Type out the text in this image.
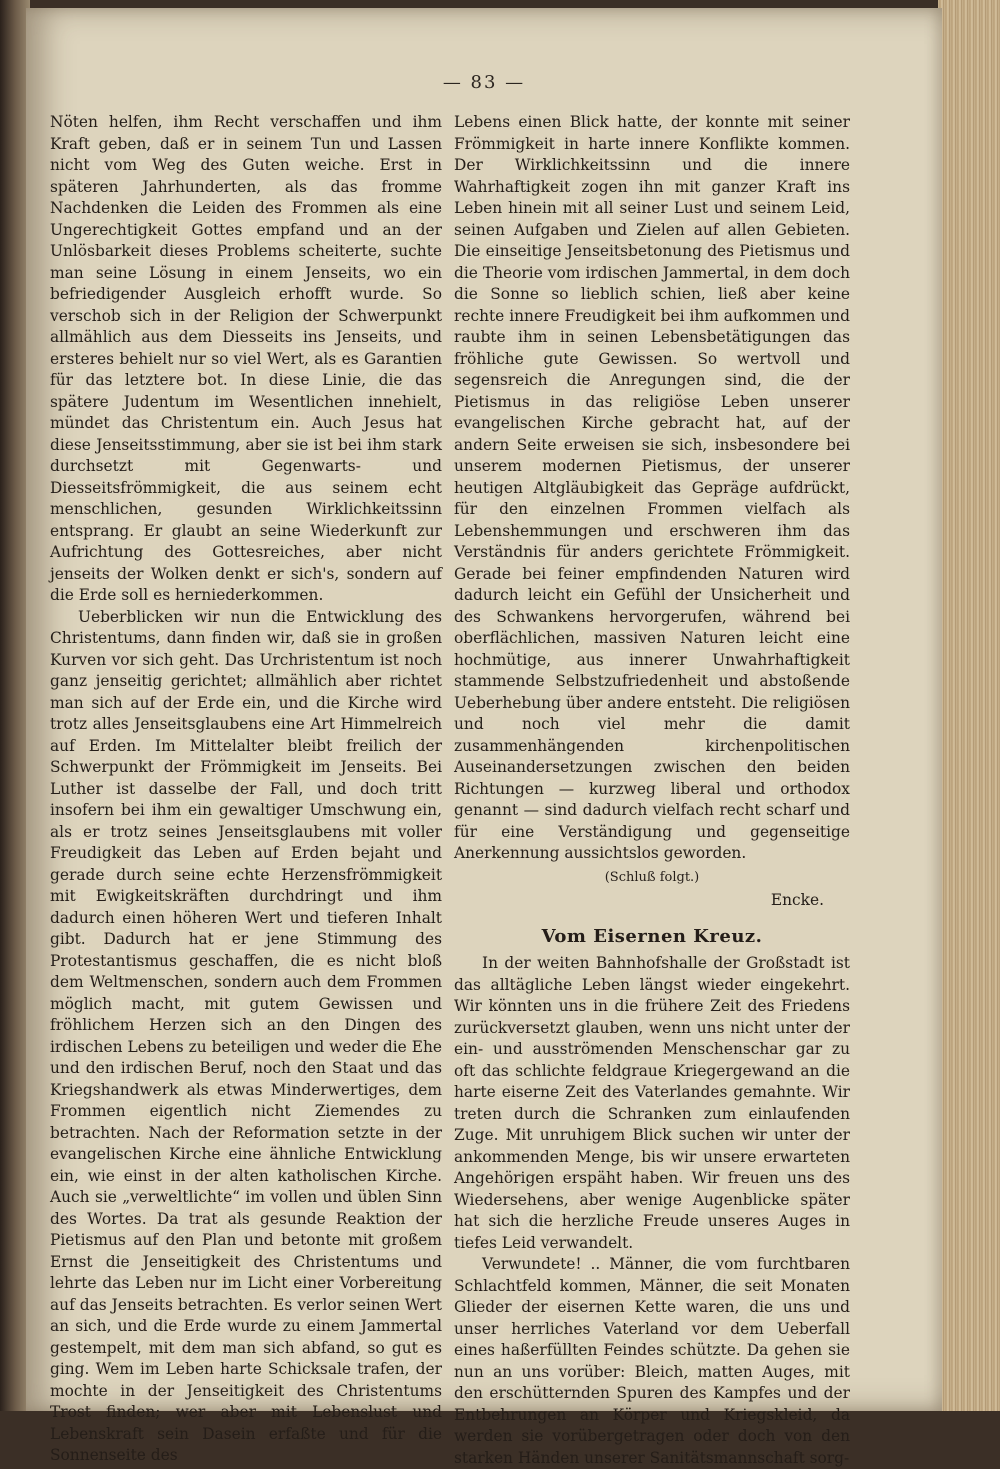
— 83 —

Nöten helfen, ihm Recht verschaffen und ihm Kraft geben, daß er in seinem Tun und Lassen nicht vom Weg des Guten weiche. Erst in späteren Jahrhunderten, als das fromme Nachdenken die Leiden des Frommen als eine Ungerechtigkeit Gottes empfand und an der Unlösbarkeit dieses Problems scheiterte, suchte man seine Lösung in einem Jenseits, wo ein befriedigender Ausgleich erhofft wurde. So verschob sich in der Religion der Schwerpunkt allmählich aus dem Diesseits ins Jenseits, und ersteres behielt nur so viel Wert, als es Garantien für das letztere bot. In diese Linie, die das spätere Judentum im Wesentlichen innehielt, mündet das Christentum ein. Auch Jesus hat diese Jenseitsstimmung, aber sie ist bei ihm stark durchsetzt mit Gegenwarts- und Diesseitsfrömmigkeit, die aus seinem echt menschlichen, gesunden Wirklichkeitssinn entsprang. Er glaubt an seine Wiederkunft zur Aufrichtung des Gottesreiches, aber nicht jenseits der Wolken denkt er sich's, sondern auf die Erde soll es herniederkommen.

Ueberblicken wir nun die Entwicklung des Christentums, dann finden wir, daß sie in großen Kurven vor sich geht. Das Urchristentum ist noch ganz jenseitig gerichtet; allmählich aber richtet man sich auf der Erde ein, und die Kirche wird trotz alles Jenseitsglaubens eine Art Himmelreich auf Erden. Im Mittelalter bleibt freilich der Schwerpunkt der Frömmigkeit im Jenseits. Bei Luther ist dasselbe der Fall, und doch tritt insofern bei ihm ein gewaltiger Umschwung ein, als er trotz seines Jenseitsglaubens mit voller Freudigkeit das Leben auf Erden bejaht und gerade durch seine echte Herzensfrömmigkeit mit Ewigkeitskräften durchdringt und ihm dadurch einen höheren Wert und tieferen Inhalt gibt. Dadurch hat er jene Stimmung des Protestantismus geschaffen, die es nicht bloß dem Weltmenschen, sondern auch dem Frommen möglich macht, mit gutem Gewissen und fröhlichem Herzen sich an den Dingen des irdischen Lebens zu beteiligen und weder die Ehe und den irdischen Beruf, noch den Staat und das Kriegshandwerk als etwas Minderwertiges, dem Frommen eigentlich nicht Ziemendes zu betrachten. Nach der Reformation setzte in der evangelischen Kirche eine ähnliche Entwicklung ein, wie einst in der alten katholischen Kirche. Auch sie „verweltlichte“ im vollen und üblen Sinn des Wortes. Da trat als gesunde Reaktion der Pietismus auf den Plan und betonte mit großem Ernst die Jenseitigkeit des Christentums und lehrte das Leben nur im Licht einer Vorbereitung auf das Jenseits betrachten. Es verlor seinen Wert an sich, und die Erde wurde zu einem Jammertal gestempelt, mit dem man sich abfand, so gut es ging. Wem im Leben harte Schicksale trafen, der mochte in der Jenseitigkeit des Christentums Trost finden; wer aber mit Lebenslust und Lebenskraft sein Dasein erfaßte und für die Sonnenseite des

Lebens einen Blick hatte, der konnte mit seiner Frömmigkeit in harte innere Konflikte kommen. Der Wirklichkeitssinn und die innere Wahrhaftigkeit zogen ihn mit ganzer Kraft ins Leben hinein mit all seiner Lust und seinem Leid, seinen Aufgaben und Zielen auf allen Gebieten. Die einseitige Jenseitsbetonung des Pietismus und die Theorie vom irdischen Jammertal, in dem doch die Sonne so lieblich schien, ließ aber keine rechte innere Freudigkeit bei ihm aufkommen und raubte ihm in seinen Lebensbetätigungen das fröhliche gute Gewissen. So wertvoll und segensreich die Anregungen sind, die der Pietismus in das religiöse Leben unserer evangelischen Kirche gebracht hat, auf der andern Seite erweisen sie sich, insbesondere bei unserem modernen Pietismus, der unserer heutigen Altgläubigkeit das Gepräge aufdrückt, für den einzelnen Frommen vielfach als Lebenshemmungen und erschweren ihm das Verständnis für anders gerichtete Frömmigkeit. Gerade bei feiner empfindenden Naturen wird dadurch leicht ein Gefühl der Unsicherheit und des Schwankens hervorgerufen, während bei oberflächlichen, massiven Naturen leicht eine hochmütige, aus innerer Unwahrhaftigkeit stammende Selbstzufriedenheit und abstoßende Ueberhebung über andere entsteht. Die religiösen und noch viel mehr die damit zusammenhängenden kirchenpolitischen Auseinandersetzungen zwischen den beiden Richtungen — kurzweg liberal und orthodox genannt — sind dadurch vielfach recht scharf und für eine Verständigung und gegenseitige Anerkennung aussichtslos geworden.

(Schluß folgt.)
Encke.
Vom Eisernen Kreuz.

In der weiten Bahnhofshalle der Großstadt ist das alltägliche Leben längst wieder eingekehrt. Wir könnten uns in die frühere Zeit des Friedens zurückversetzt glauben, wenn uns nicht unter der ein- und ausströmenden Menschenschar gar zu oft das schlichte feldgraue Kriegergewand an die harte eiserne Zeit des Vaterlandes gemahnte. Wir treten durch die Schranken zum einlaufenden Zuge. Mit unruhigem Blick suchen wir unter der ankommenden Menge, bis wir unsere erwarteten Angehörigen erspäht haben. Wir freuen uns des Wiedersehens, aber wenige Augenblicke später hat sich die herzliche Freude unseres Auges in tiefes Leid verwandelt.

Verwundete! .. Männer, die vom furchtbaren Schlachtfeld kommen, Männer, die seit Monaten Glieder der eisernen Kette waren, die uns und unser herrliches Vaterland vor dem Ueberfall eines haßerfüllten Feindes schützte. Da gehen sie nun an uns vorüber: Bleich, matten Auges, mit den erschütternden Spuren des Kampfes und der Entbehrungen an Körper und Kriegskleid, da werden sie vorübergetragen oder doch von den starken Händen unserer Sanitätsmannschaft sorg-
